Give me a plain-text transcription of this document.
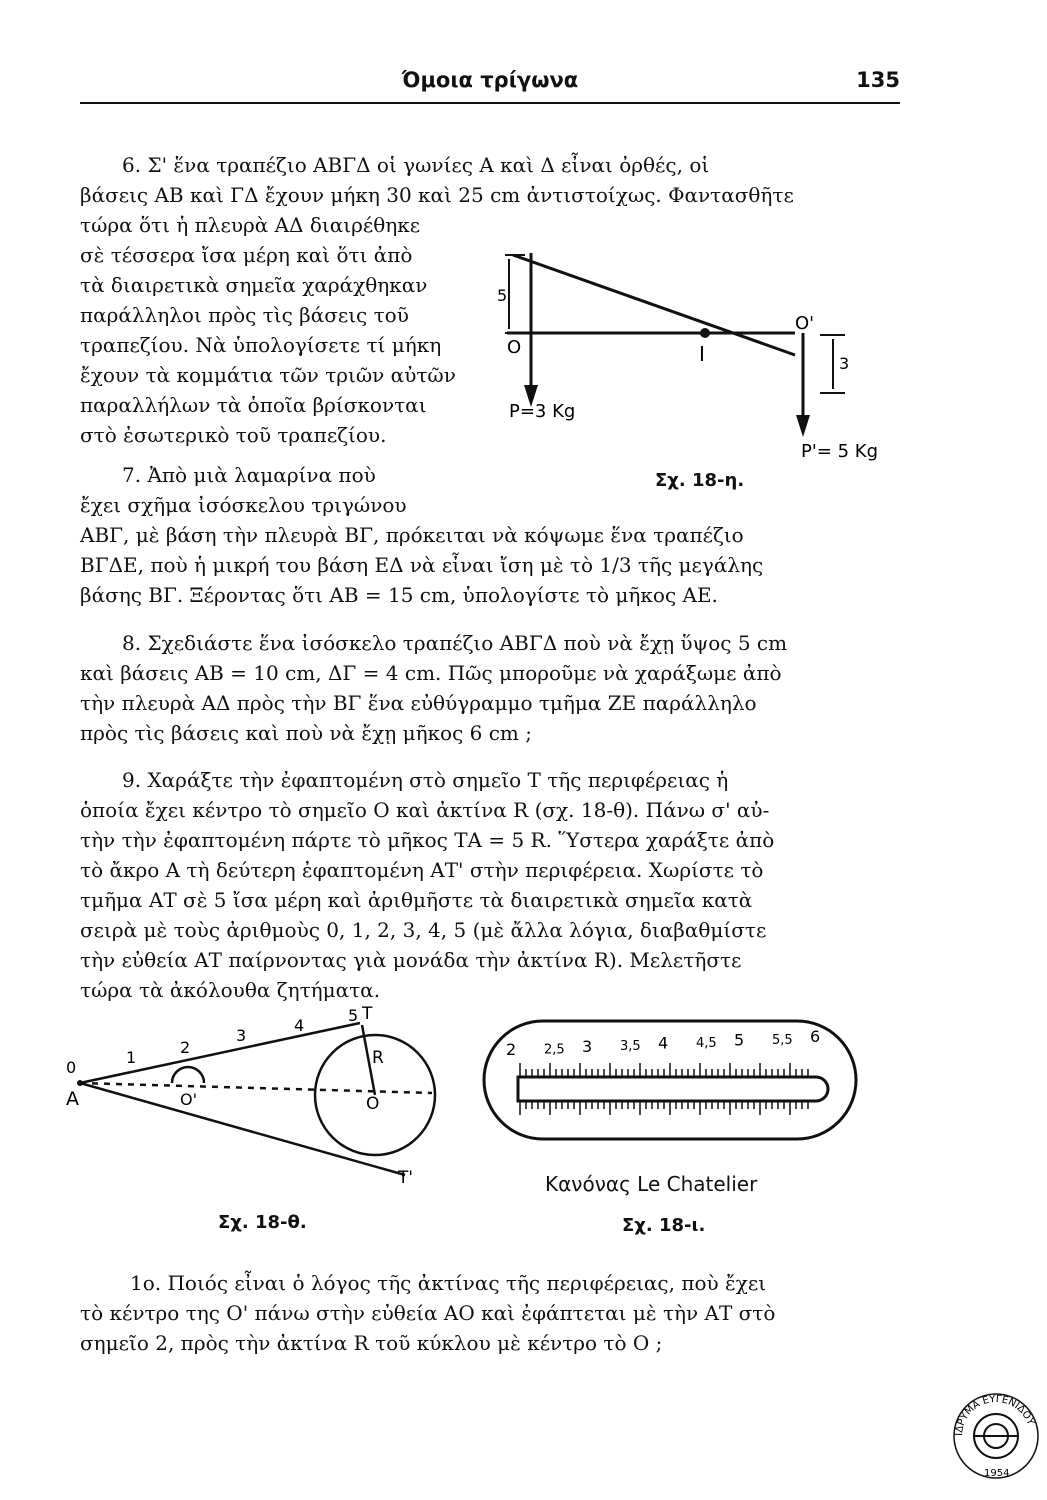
Όμοια τρίγωνα	135
6. Σ' ἕνα τραπέζιο ΑΒΓΔ οἱ γωνίες Α καὶ Δ εἶναι ὀρθές, οἱ
βάσεις ΑΒ καὶ ΓΔ ἔχουν μήκη 30 καὶ 25 cm ἀντιστοίχως. Φαντασθῆτε
τώρα ὅτι ἡ πλευρὰ ΑΔ διαιρέθηκε
σὲ τέσσερα ἴσα μέρη καὶ ὅτι ἀπὸ
τὰ διαιρετικὰ σημεῖα χαράχθηκαν
παράλληλοι πρὸς τὶς βάσεις τοῦ
τραπεζίου. Νὰ ὑπολογίσετε τί μήκη
ἔχουν τὰ κομμάτια τῶν τριῶν αὐτῶν
παραλλήλων τὰ ὁποῖα βρίσκονται
στὸ ἐσωτερικὸ τοῦ τραπεζίου.
5
O	I
O'
3
P=3 Kg
P'= 5 Kg
Σχ. 18-η.
7. Ἀπὸ μιὰ λαμαρίνα ποὺ
ἔχει σχῆμα ἰσόσκελου τριγώνου
ΑΒΓ, μὲ βάση τὴν πλευρὰ ΒΓ, πρόκειται νὰ κόψωμε ἕνα τραπέζιο
ΒΓΔΕ, ποὺ ἡ μικρή του βάση ΕΔ νὰ εἶναι ἴση μὲ τὸ 1/3 τῆς μεγάλης
βάσης ΒΓ. Ξέροντας ὅτι ΑΒ = 15 cm, ὑπολογίστε τὸ μῆκος ΑΕ.
8. Σχεδιάστε ἕνα ἰσόσκελο τραπέζιο ΑΒΓΔ ποὺ νὰ ἔχῃ ὕψος 5 cm
καὶ βάσεις ΑΒ = 10 cm, ΔΓ = 4 cm. Πῶς μποροῦμε νὰ χαράξωμε ἀπὸ
τὴν πλευρὰ ΑΔ πρὸς τὴν ΒΓ ἕνα εὐθύγραμμο τμῆμα ΖΕ παράλληλο
πρὸς τὶς βάσεις καὶ ποὺ νὰ ἔχῃ μῆκος 6 cm ;
9. Χαράξτε τὴν ἐφαπτομένη στὸ σημεῖο Τ τῆς περιφέρειας ἡ
ὁποία ἔχει κέντρο τὸ σημεῖο Ο καὶ ἀκτίνα R (σχ. 18-θ). Πάνω σ' αὐ-
τὴν τὴν ἐφαπτομένη πάρτε τὸ μῆκος ΤΑ = 5 R. Ὕστερα χαράξτε ἀπὸ
τὸ ἄκρο Α τὴ δεύτερη ἐφαπτομένη ΑΤ' στὴν περιφέρεια. Χωρίστε τὸ
τμῆμα ΑΤ σὲ 5 ἴσα μέρη καὶ ἀριθμῆστε τὰ διαιρετικὰ σημεῖα κατὰ
σειρὰ μὲ τοὺς ἀριθμοὺς 0, 1, 2, 3, 4, 5 (μὲ ἄλλα λόγια, διαβαθμίστε
τὴν εὐθεία ΑΤ παίρνοντας γιὰ μονάδα τὴν ἀκτίνα R). Μελετῆστε
τώρα τὰ ἀκόλουθα ζητήματα.
0
1
2
3
4
5
A
T
T'
R
O
O'
Σχ. 18-θ.
2 2,5 3 3,5 4 4,5 5 5,5 6
Κανόνας Le Chatelier
Σχ. 18-ι.
1ο. Ποιός εἶναι ὁ λόγος τῆς ἀκτίνας τῆς περιφέρειας, ποὺ ἔχει
τὸ κέντρο της Ο' πάνω στὴν εὐθεία ΑΟ καὶ ἐφάπτεται μὲ τὴν ΑΤ στὸ
σημεῖο 2, πρὸς τὴν ἀκτίνα R τοῦ κύκλου μὲ κέντρο τὸ Ο ;
ΙΔΡΥΜΑ ΕΥΓΕΝΙΔΟΥ
1954
